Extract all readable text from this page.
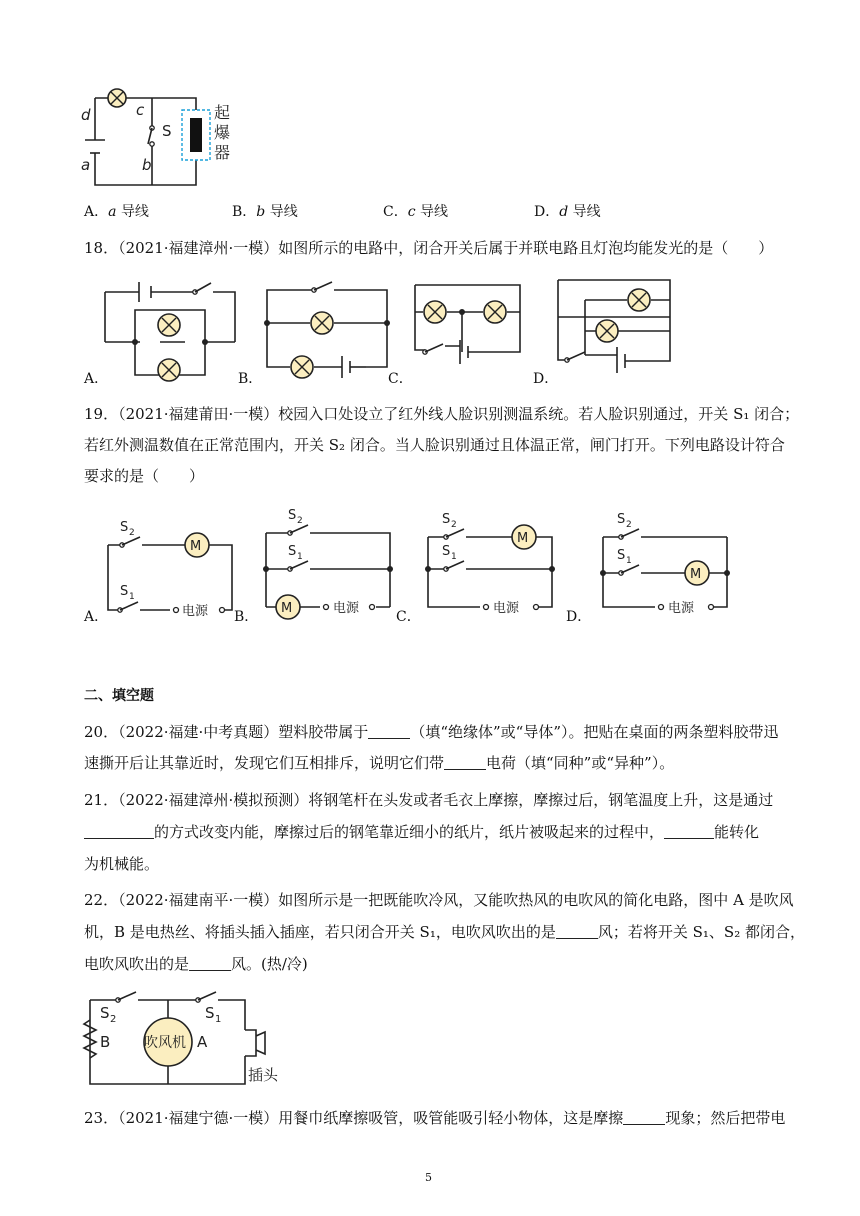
d
a
c
b
S
起
爆
器
A．a 导线	B．b 导线	C．c 导线	D．d 导线
18．（2021·福建漳州·一模）如图所示的电路中，闭合开关后属于并联电路且灯泡均能发光的是（　　）
A．	B．	C．	D．
19．（2021·福建莆田·一模）校园入口处设立了红外线人脸识别测温系统。若人脸识别通过，开关 S₁ 闭合；
若红外测温数值在正常范围内，开关 S₂ 闭合。当人脸识别通过且体温正常，闸门打开。下列电路设计符合
要求的是（　　）
M
电源
S 2
S 1
A．
M	电源
S 2
S 1
B．
M
电源
S 2
S 1
C．
M
电源
S 2
S 1
D．
二、填空题
20．（2022·福建·中考真题）塑料胶带属于	（填“绝缘体”或“导体”）。把贴在桌面的两条塑料胶带迅
速撕开后让其靠近时，发现它们互相排斥，说明它们带	电荷（填“同种”或“异种”）。
21．（2022·福建漳州·模拟预测）将钢笔杆在头发或者毛衣上摩擦，摩擦过后，钢笔温度上升，这是通过
的方式改变内能，摩擦过后的钢笔靠近细小的纸片，纸片被吸起来的过程中，	能转化
为机械能。
22．（2022·福建南平·一模）如图所示是一把既能吹冷风，又能吹热风的电吹风的简化电路，图中 A 是吹风
机，B 是电热丝、将插头插入插座，若只闭合开关 S₁，电吹风吹出的是	风；若将开关 S₁、S₂ 都闭合，
电吹风吹出的是	风。(热/冷)
吹风机
S 2	S 1
B	A
插头
23．（2021·福建宁德·一模）用餐巾纸摩擦吸管，吸管能吸引轻小物体，这是摩擦	现象；然后把带电
5
